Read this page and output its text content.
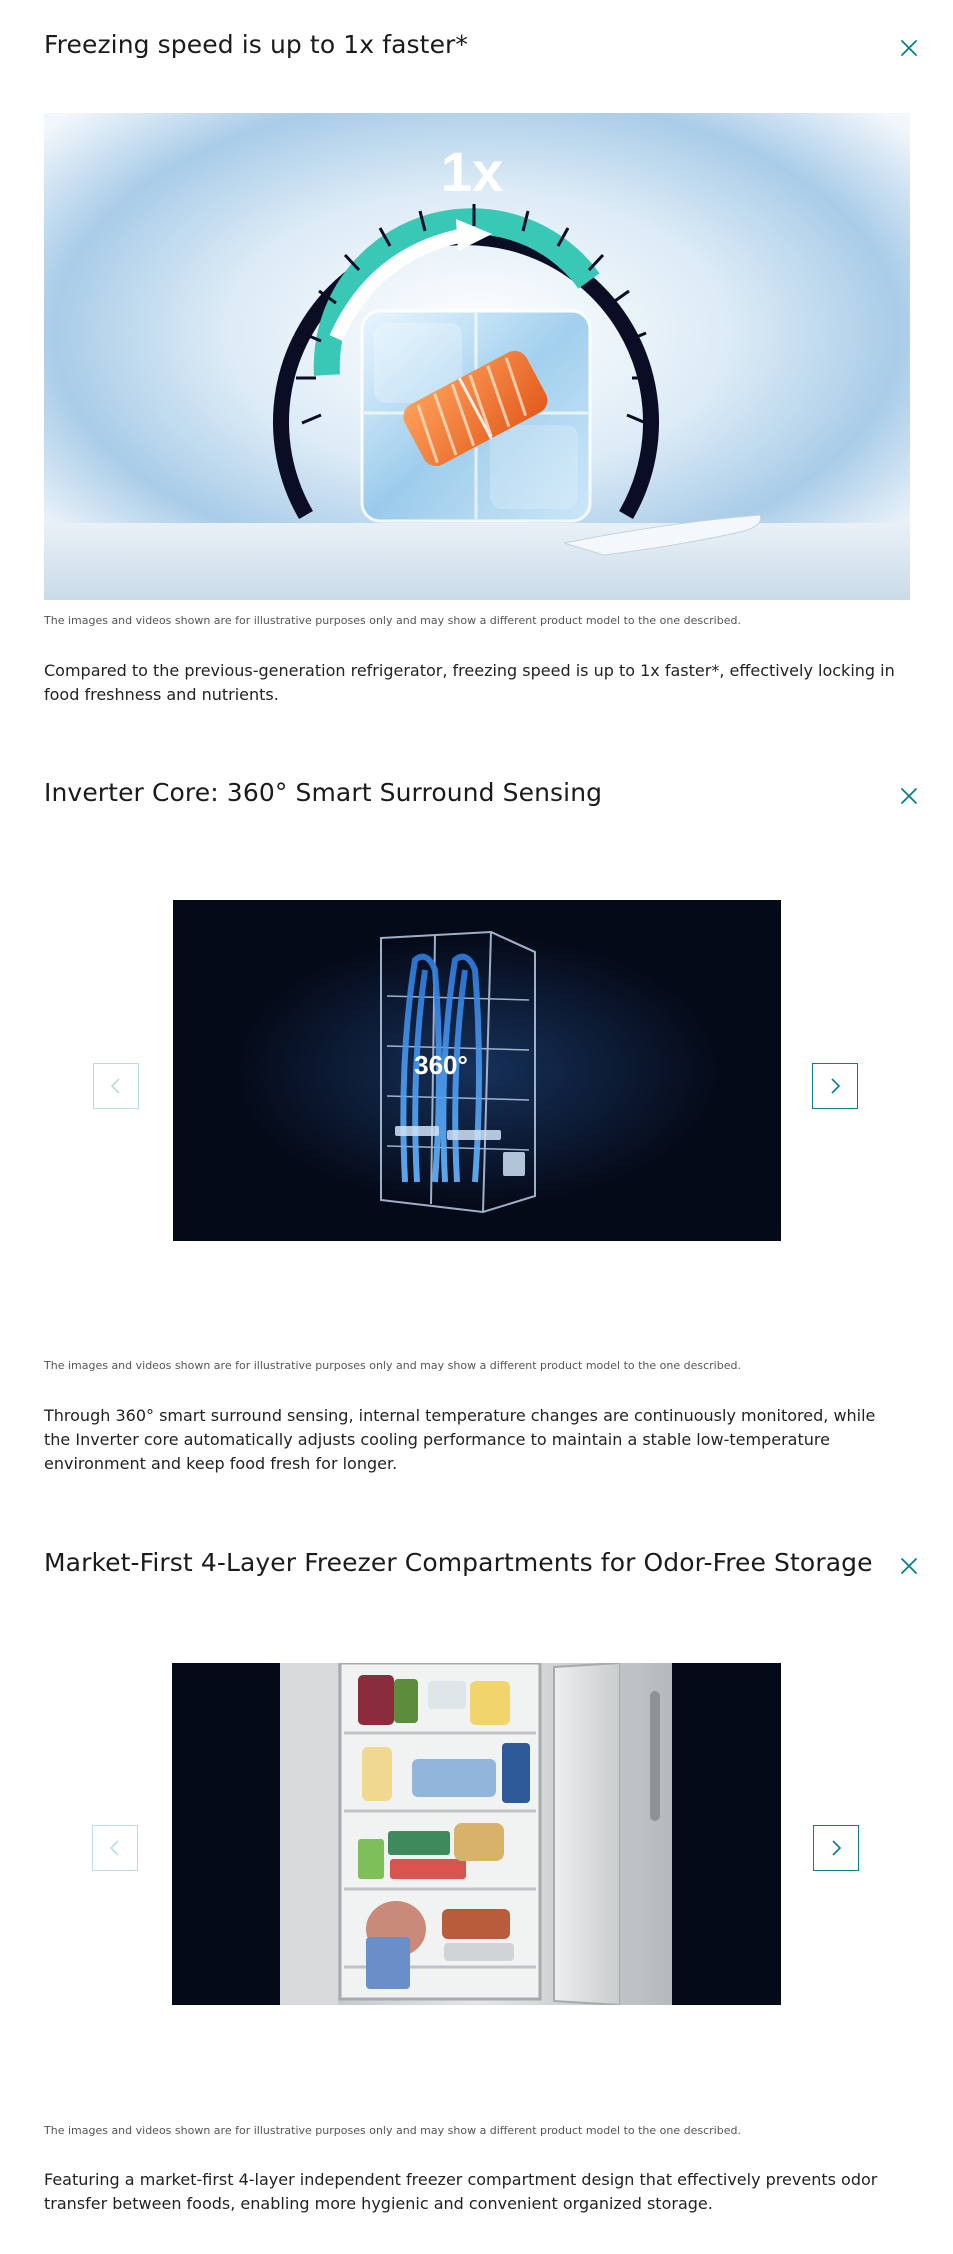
Freezing speed is up to 1x faster*
1x

The images and videos shown are for illustrative purposes only and may show a different product model to the one described.

Compared to the previous-generation refrigerator, freezing speed is up to 1x faster*, effectively locking in food freshness and nutrients.

Inverter Core: 360° Smart Surround Sensing
360°

The images and videos shown are for illustrative purposes only and may show a different product model to the one described.

Through 360° smart surround sensing, internal temperature changes are continuously monitored, while the Inverter core automatically adjusts cooling performance to maintain a stable low-temperature environment and keep food fresh for longer.

Market-First 4-Layer Freezer Compartments for Odor-Free Storage

The images and videos shown are for illustrative purposes only and may show a different product model to the one described.

Featuring a market-first 4-layer independent freezer compartment design that effectively prevents odor transfer between foods, enabling more hygienic and convenient organized storage.
